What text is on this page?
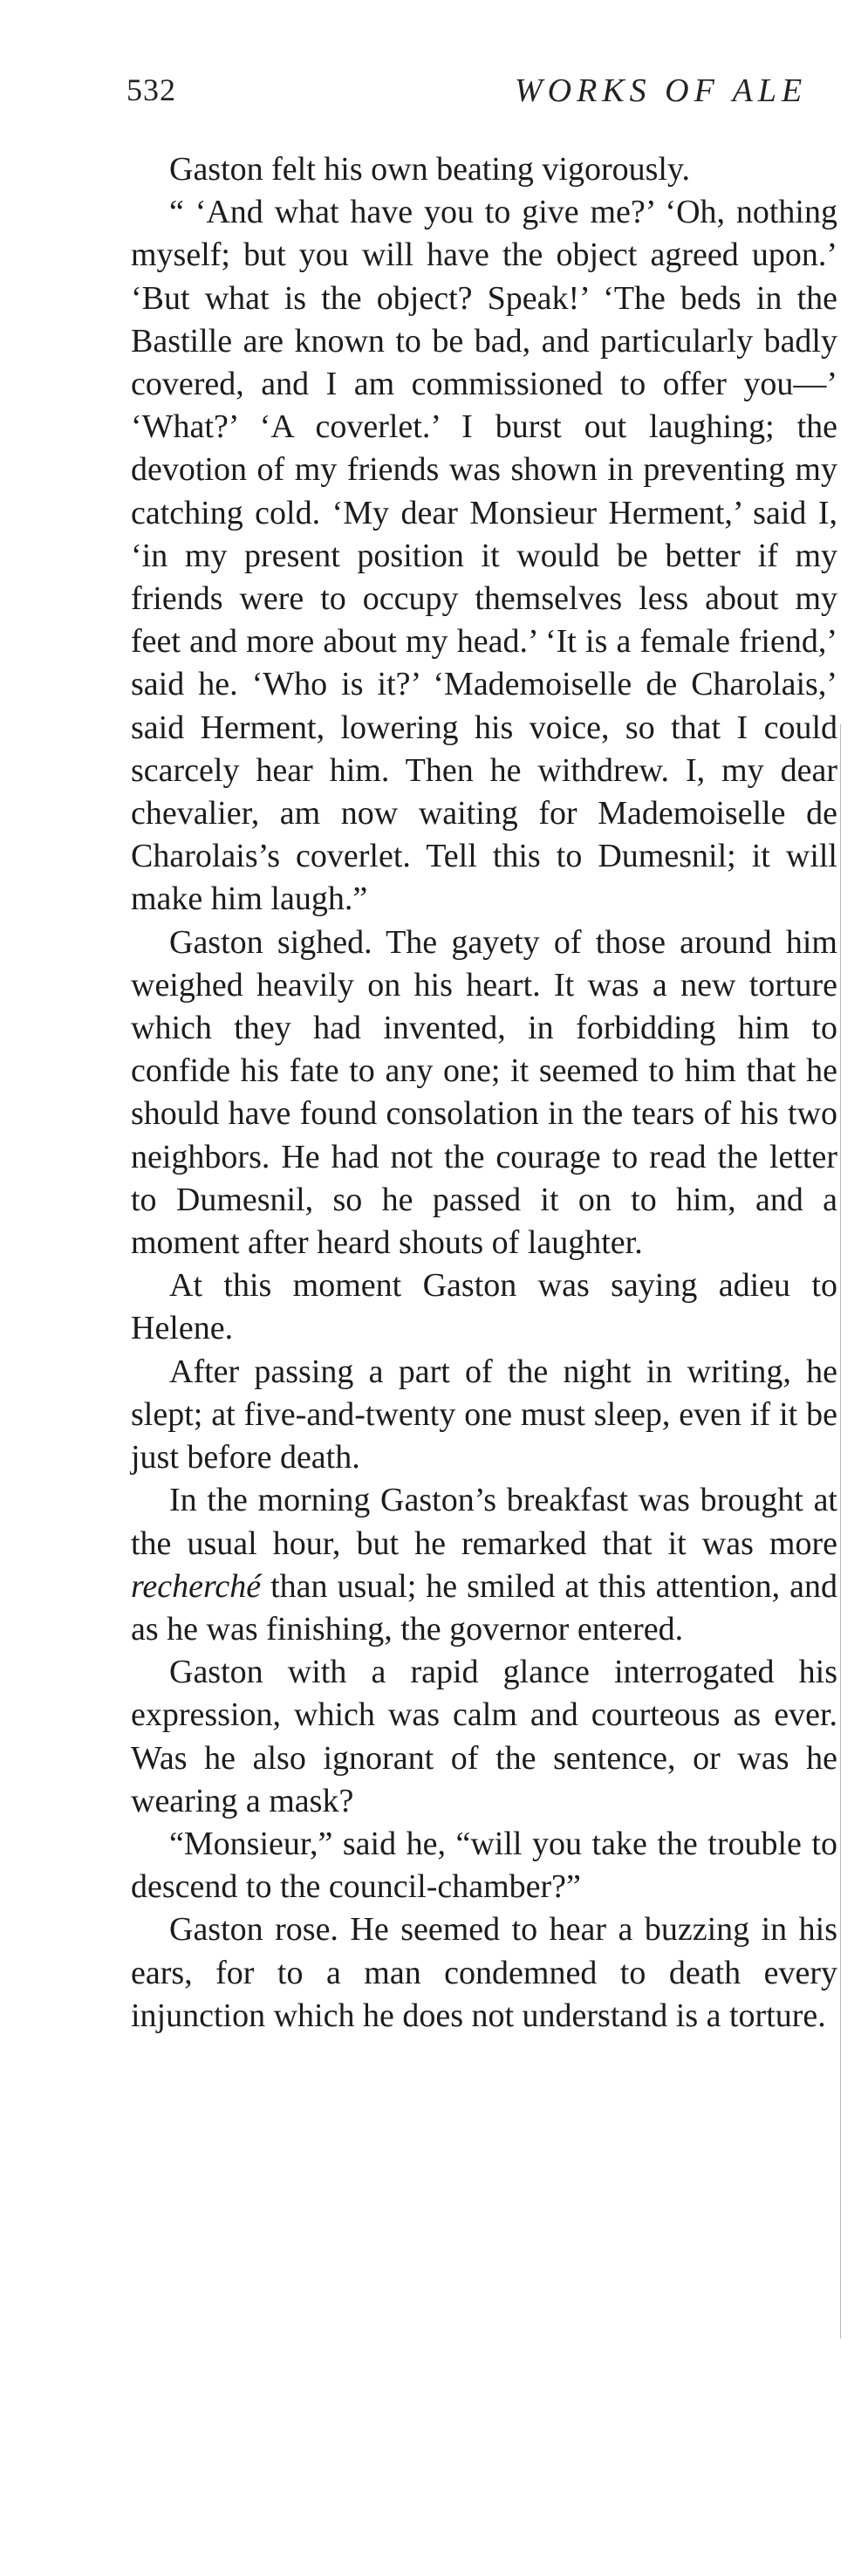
532	WORKS OF ALE

Gaston felt his own beating vigorously.

“ ‘And what have you to give me?’ ‘Oh, nothing myself; but you will have the object agreed upon.’ ‘But what is the object? Speak!’ ‘The beds in the Bastille are known to be bad, and particularly badly covered, and I am commissioned to offer you—’ ‘What?’ ‘A coverlet.’ I burst out laughing; the devotion of my friends was shown in preventing my catching cold. ‘My dear Monsieur Herment,’ said I, ‘in my present position it would be better if my friends were to occupy themselves less about my feet and more about my head.’ ‘It is a female friend,’ said he. ‘Who is it?’ ‘Mademoiselle de Charolais,’ said Herment, lowering his voice, so that I could scarcely hear him. Then he withdrew. I, my dear chevalier, am now waiting for Mademoiselle de Charolais’s coverlet. Tell this to Dumesnil; it will make him laugh.”

Gaston sighed. The gayety of those around him weighed heavily on his heart. It was a new torture which they had invented, in forbidding him to confide his fate to any one; it seemed to him that he should have found consolation in the tears of his two neighbors. He had not the courage to read the letter to Dumesnil, so he passed it on to him, and a moment after heard shouts of laughter.

At this moment Gaston was saying adieu to Helene.

After passing a part of the night in writing, he slept; at five-and-twenty one must sleep, even if it be just before death.

In the morning Gaston’s breakfast was brought at the usual hour, but he remarked that it was more recherché than usual; he smiled at this attention, and as he was finishing, the governor entered.

Gaston with a rapid glance interrogated his expression, which was calm and courteous as ever. Was he also ignorant of the sentence, or was he wearing a mask?

“Monsieur,” said he, “will you take the trouble to descend to the council-chamber?”

Gaston rose. He seemed to hear a buzzing in his ears, for to a man condemned to death every injunction which he does not understand is a torture.
